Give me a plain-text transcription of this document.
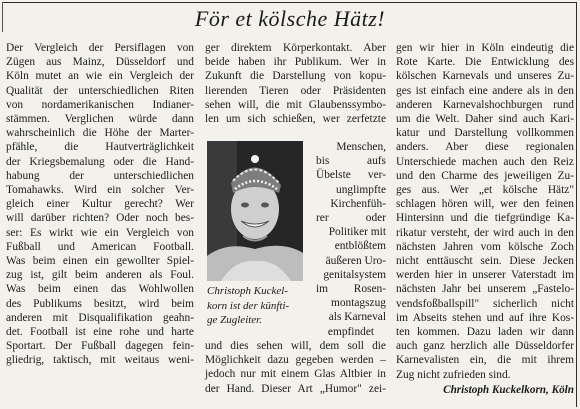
För et kölsche Hätz!
Der Vergleich der Persiflagen von
Zügen aus Mainz, Düsseldorf und
Köln mutet an wie ein Vergleich der
Qualität der unterschiedlichen Riten
von nordamerikanischen Indianer-
stämmen. Verglichen würde dann
wahrscheinlich die Höhe der Marter-
pfähle, die Hautverträglichkeit
der Kriegsbemalung oder die Hand-
habung der unterschiedlichen
Tomahawks. Wird ein solcher Ver-
gleich einer Kultur gerecht? Wer
will darüber richten? Oder noch bes-
ser: Es wirkt wie ein Vergleich von
Fußball und American Football.
Was beim einen ein gewollter Spiel-
zug ist, gilt beim anderen als Foul.
Was beim einen das Wohlwollen
des Publikums besitzt, wird beim
anderen mit Disqualifikation geahn-
det. Football ist eine rohe und harte
Sportart. Der Fußball dagegen fein-
gliedrig, taktisch, mit weitaus weni-
ger direktem Körperkontakt. Aber
beide haben ihr Publikum. Wer in
Zukunft die Darstellung von kopu-
lierenden Tieren oder Präsidenten
sehen will, die mit Glaubenssymbo-
len um sich schießen, wer zerfetzte
Menschen,
bis aufs
Übelste ver-
unglimpfte
Kirchenfüh-
rer oder
Politiker mit
entblößtem
äußeren Uro-
genitalsystem
im Rosen-
montagszug
als Karneval
empfindet
Christoph Kuckel-
korn ist der künfti-
ge Zugleiter.
und dies sehen will, dem soll die
Möglichkeit dazu gegeben werden –
jedoch nur mit einem Glas Altbier in
der Hand. Dieser Art „Humor" zei-
gen wir hier in Köln eindeutig die
Rote Karte. Die Entwicklung des
kölschen Karnevals und unseres Zu-
ges ist einfach eine andere als in den
anderen Karnevalshochburgen rund
um die Welt. Daher sind auch Kari-
katur und Darstellung vollkommen
anders. Aber diese regionalen
Unterschiede machen auch den Reiz
und den Charme des jeweiligen Zu-
ges aus. Wer „et kölsche Hätz"
schlagen hören will, wer den feinen
Hintersinn und die tiefgründige Ka-
rikatur versteht, der wird auch in den
nächsten Jahren vom kölsche Zoch
nicht enttäuscht sein. Diese Jecken
werden hier in unserer Vaterstadt im
nächsten Jahr bei unserem „Fastelo-
vendsfoßballspill" sicherlich nicht
im Abseits stehen und auf ihre Kos-
ten kommen. Dazu laden wir dann
auch ganz herzlich alle Düsseldorfer
Karnevalisten ein, die mit ihrem
Zug nicht zufrieden sind.
Christoph Kuckelkorn, Köln
